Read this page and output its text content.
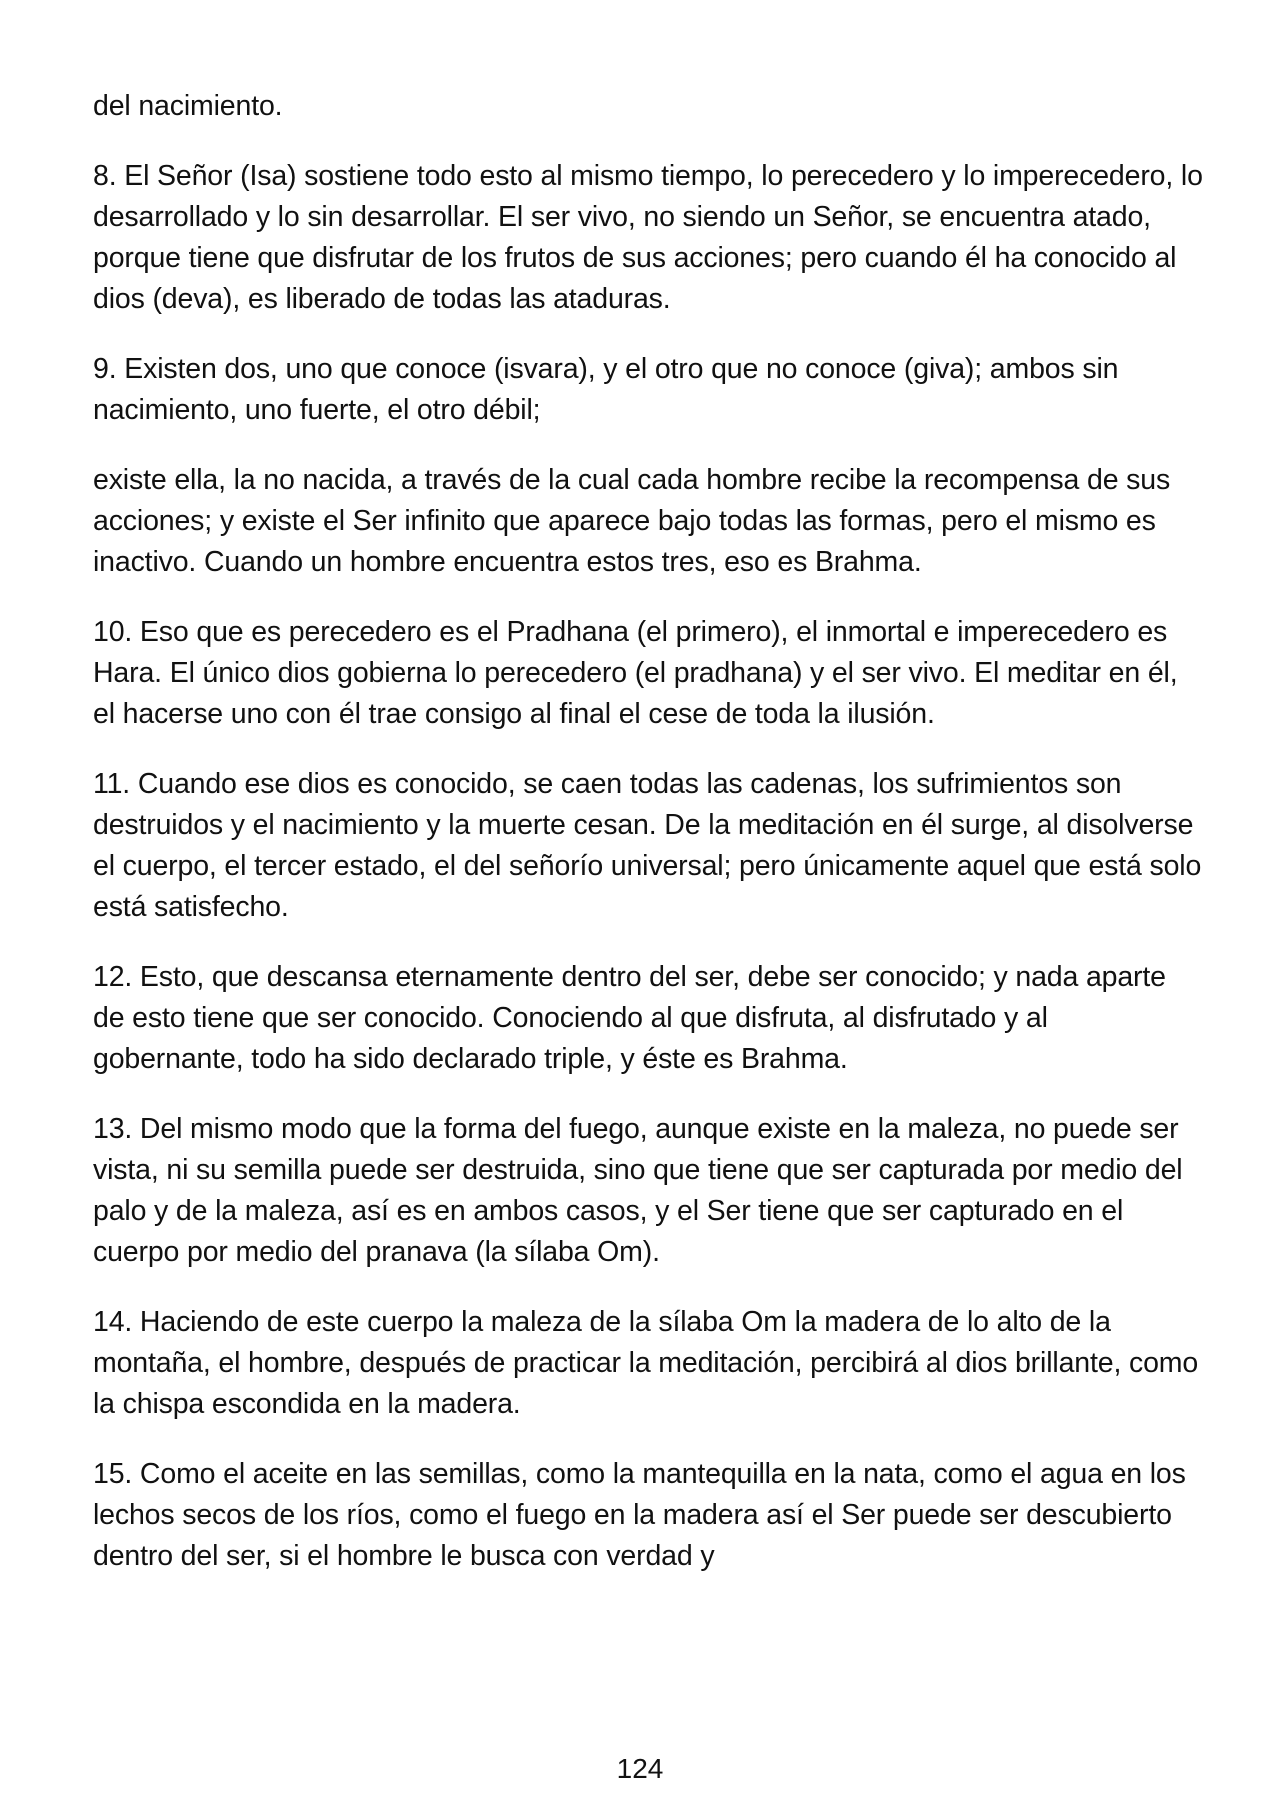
del nacimiento.

8. El Señor (Isa) sostiene todo esto al mismo tiempo, lo perecedero y lo imperecedero, lo desarrollado y lo sin desarrollar. El ser vivo, no siendo un Señor, se encuentra atado, porque tiene que disfrutar de los frutos de sus acciones; pero cuando él ha conocido al dios (deva), es liberado de todas las ataduras.

9. Existen dos, uno que conoce (isvara), y el otro que no conoce (giva); ambos sin nacimiento, uno fuerte, el otro débil;

existe ella, la no nacida, a través de la cual cada hombre recibe la recompensa de sus acciones; y existe el Ser infinito que aparece bajo todas las formas, pero el mismo es inactivo. Cuando un hombre encuentra estos tres, eso es Brahma.

10. Eso que es perecedero es el Pradhana (el primero), el inmortal e imperecedero es Hara. El único dios gobierna lo perecedero (el pradhana) y el ser vivo. El meditar en él, el hacerse uno con él trae consigo al final el cese de toda la ilusión.

11. Cuando ese dios es conocido, se caen todas las cadenas, los sufrimientos son destruidos y el nacimiento y la muerte cesan. De la meditación en él surge, al disolverse el cuerpo, el tercer estado, el del señorío universal; pero únicamente aquel que está solo está satisfecho.

12. Esto, que descansa eternamente dentro del ser, debe ser conocido; y nada aparte de esto tiene que ser conocido. Conociendo al que disfruta, al disfrutado y al gobernante, todo ha sido declarado triple, y éste es Brahma.

13. Del mismo modo que la forma del fuego, aunque existe en la maleza, no puede ser vista, ni su semilla puede ser destruida, sino que tiene que ser capturada por medio del palo y de la maleza, así es en ambos casos, y el Ser tiene que ser capturado en el cuerpo por medio del pranava (la sílaba Om).

14. Haciendo de este cuerpo la maleza de la sílaba Om la madera de lo alto de la montaña, el hombre, después de practicar la meditación, percibirá al dios brillante, como la chispa escondida en la madera.

15. Como el aceite en las semillas, como la mantequilla en la nata, como el agua en los lechos secos de los ríos, como el fuego en la madera así el Ser puede ser descubierto dentro del ser, si el hombre le busca con verdad y

124
